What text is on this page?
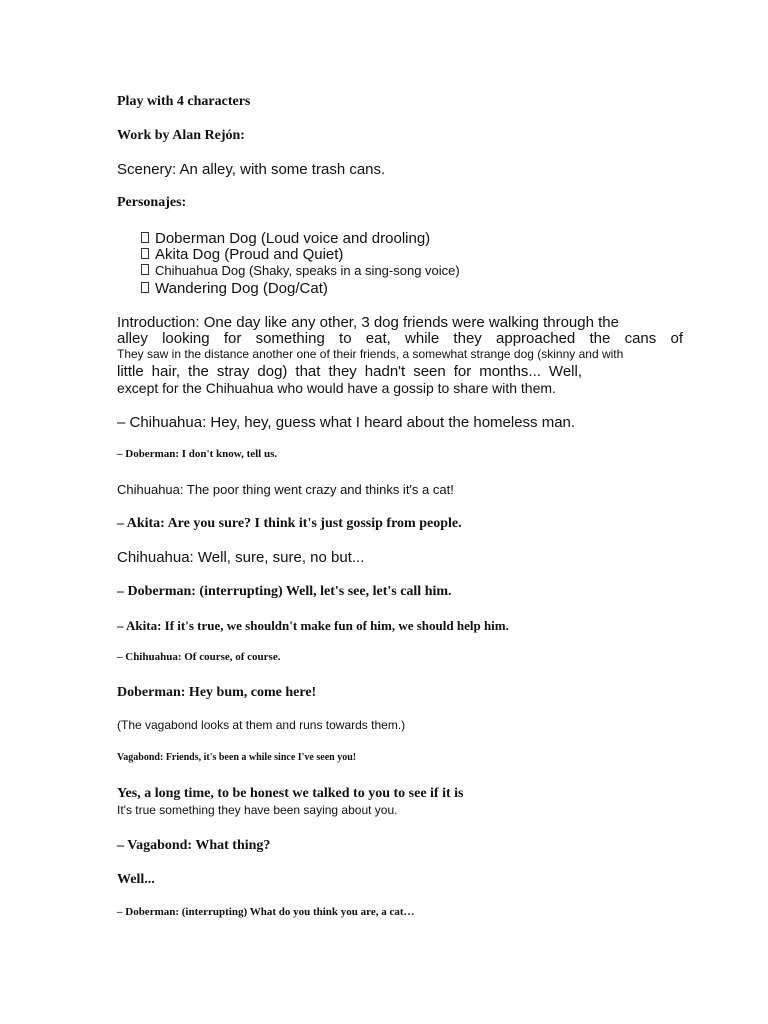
Play with 4 characters
Work by Alan Rejón:
Scenery: An alley, with some trash cans.
Personajes:
Doberman Dog (Loud voice and drooling)
Akita Dog (Proud and Quiet)
Chihuahua Dog (Shaky, speaks in a sing-song voice)
Wandering Dog (Dog/Cat)
Introduction: One day like any other, 3 dog friends were walking through the
alley looking for something to eat, while they approached the cans of
They saw in the distance another one of their friends, a somewhat strange dog (skinny and with
little hair, the stray dog) that they hadn't seen for months... Well,
except for the Chihuahua who would have a gossip to share with them.
– Chihuahua: Hey, hey, guess what I heard about the homeless man.
– Doberman: I don't know, tell us.
Chihuahua: The poor thing went crazy and thinks it's a cat!
– Akita: Are you sure? I think it's just gossip from people.
Chihuahua: Well, sure, sure, no but...
– Doberman: (interrupting) Well, let's see, let's call him.
– Akita: If it's true, we shouldn't make fun of him, we should help him.
– Chihuahua: Of course, of course.
Doberman: Hey bum, come here!
(The vagabond looks at them and runs towards them.)
Vagabond: Friends, it's been a while since I've seen you!
Yes, a long time, to be honest we talked to you to see if it is
It's true something they have been saying about you.
– Vagabond: What thing?
Well...
– Doberman: (interrupting) What do you think you are, a cat…
